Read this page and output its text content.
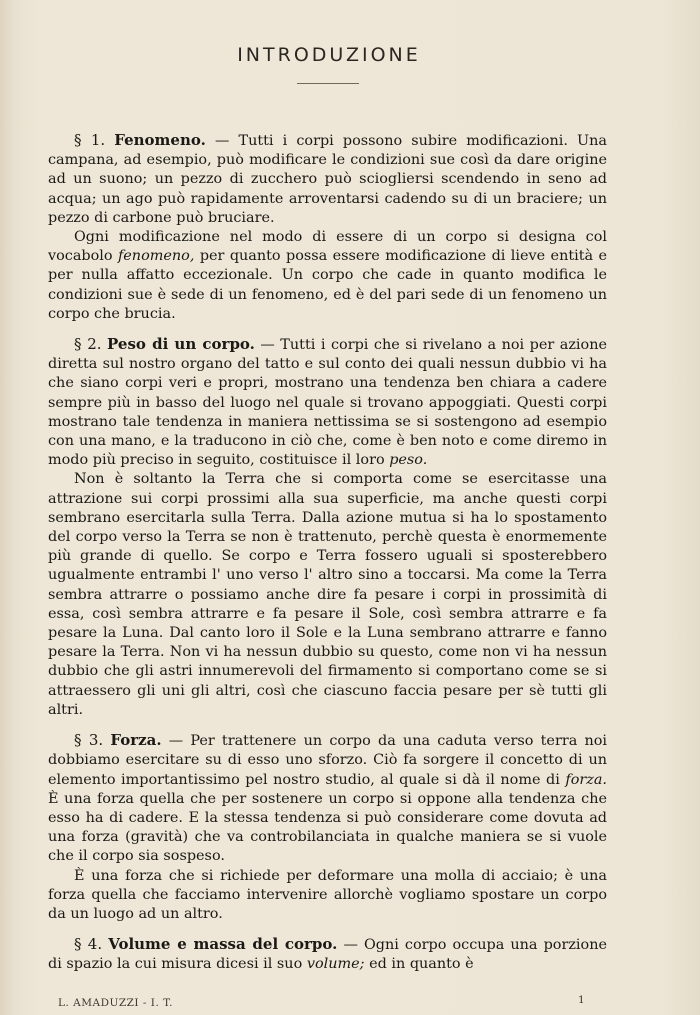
INTRODUZIONE

§ 1. Fenomeno. — Tutti i corpi possono subire modificazioni. Una campana, ad esempio, può modificare le condizioni sue così da dare origine ad un suono; un pezzo di zucchero può sciogliersi scendendo in seno ad acqua; un ago può rapidamente arroventarsi cadendo su di un braciere; un pezzo di carbone può bruciare.

Ogni modificazione nel modo di essere di un corpo si designa col vocabolo fenomeno, per quanto possa essere modificazione di lieve entità e per nulla affatto eccezionale. Un corpo che cade in quanto modifica le condizioni sue è sede di un fenomeno, ed è del pari sede di un fenomeno un corpo che brucia.

§ 2. Peso di un corpo. — Tutti i corpi che si rivelano a noi per azione diretta sul nostro organo del tatto e sul conto dei quali nessun dubbio vi ha che siano corpi veri e propri, mostrano una tendenza ben chiara a cadere sempre più in basso del luogo nel quale si trovano appoggiati. Questi corpi mostrano tale tendenza in maniera nettissima se si sostengono ad esempio con una mano, e la traducono in ciò che, come è ben noto e come diremo in modo più preciso in seguito, costituisce il loro peso.

Non è soltanto la Terra che si comporta come se esercitasse una attrazione sui corpi prossimi alla sua superficie, ma anche questi corpi sembrano esercitarla sulla Terra. Dalla azione mutua si ha lo spostamento del corpo verso la Terra se non è trattenuto, perchè questa è enormemente più grande di quello. Se corpo e Terra fossero uguali si sposterebbero ugualmente entrambi l' uno verso l' altro sino a toccarsi. Ma come la Terra sembra attrarre o possiamo anche dire fa pesare i corpi in prossimità di essa, così sembra attrarre e fa pesare il Sole, così sembra attrarre e fa pesare la Luna. Dal canto loro il Sole e la Luna sembrano attrarre e fanno pesare la Terra. Non vi ha nessun dubbio su questo, come non vi ha nessun dubbio che gli astri innumerevoli del firmamento si comportano come se si attraessero gli uni gli altri, così che ciascuno faccia pesare per sè tutti gli altri.

§ 3. Forza. — Per trattenere un corpo da una caduta verso terra noi dobbiamo esercitare su di esso uno sforzo. Ciò fa sorgere il concetto di un elemento importantissimo pel nostro studio, al quale si dà il nome di forza. È una forza quella che per sostenere un corpo si oppone alla tendenza che esso ha di cadere. E la stessa tendenza si può considerare come dovuta ad una forza (gravità) che va controbilanciata in qualche maniera se si vuole che il corpo sia sospeso.

È una forza che si richiede per deformare una molla di acciaio; è una forza quella che facciamo intervenire allorchè vogliamo spostare un corpo da un luogo ad un altro.

§ 4. Volume e massa del corpo. — Ogni corpo occupa una porzione di spazio la cui misura dicesi il suo volume; ed in quanto è

L. AMADUZZI - I. T.	1
